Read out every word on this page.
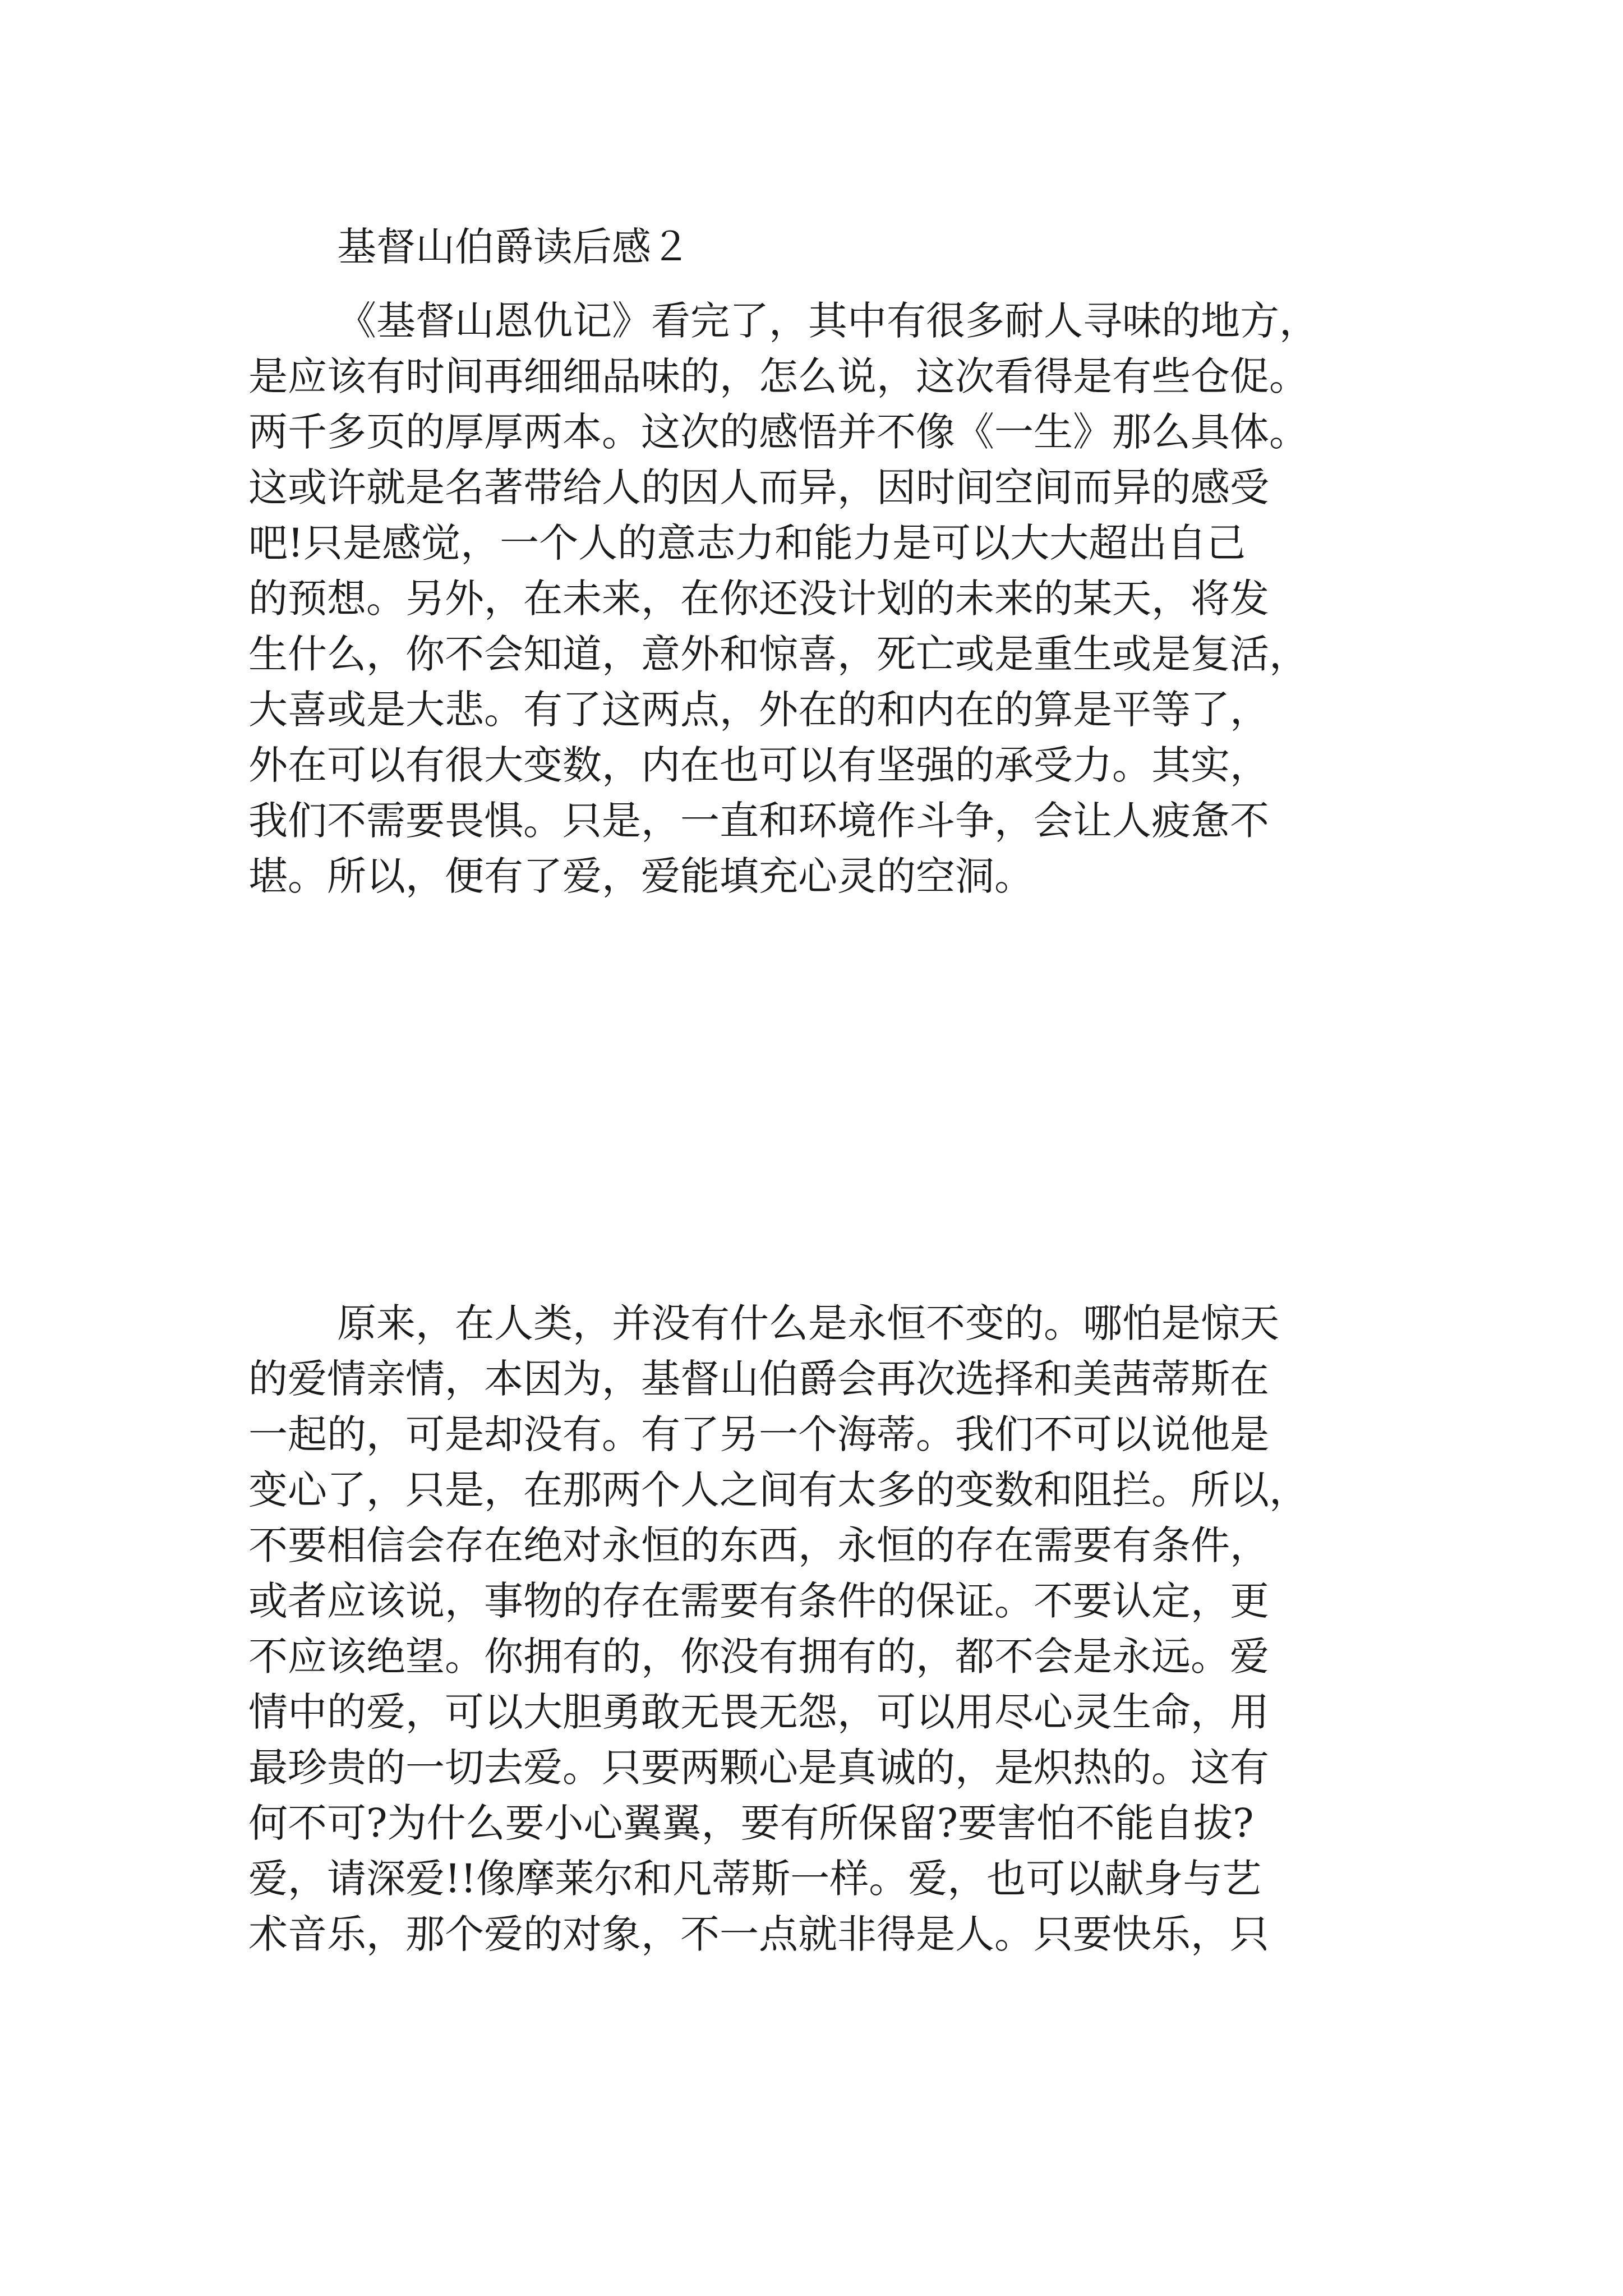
基督山伯爵读后感２

《基督山恩仇记》看完了，其中有很多耐人寻味的地方，
是应该有时间再细细品味的，怎么说，这次看得是有些仓促。
两千多页的厚厚两本。这次的感悟并不像《一生》那么具体。
这或许就是名著带给人的因人而异，因时间空间而异的感受
吧!只是感觉，一个人的意志力和能力是可以大大超出自己
的预想。另外，在未来，在你还没计划的未来的某天，将发
生什么，你不会知道，意外和惊喜，死亡或是重生或是复活，
大喜或是大悲。有了这两点，外在的和内在的算是平等了，
外在可以有很大变数，内在也可以有坚强的承受力。其实，
我们不需要畏惧。只是，一直和环境作斗争，会让人疲惫不
堪。所以，便有了爱，爱能填充心灵的空洞。

原来，在人类，并没有什么是永恒不变的。哪怕是惊天
的爱情亲情，本因为，基督山伯爵会再次选择和美茜蒂斯在
一起的，可是却没有。有了另一个海蒂。我们不可以说他是
变心了，只是，在那两个人之间有太多的变数和阻拦。所以，
不要相信会存在绝对永恒的东西，永恒的存在需要有条件，
或者应该说，事物的存在需要有条件的保证。不要认定，更
不应该绝望。你拥有的，你没有拥有的，都不会是永远。爱
情中的爱，可以大胆勇敢无畏无怨，可以用尽心灵生命，用
最珍贵的一切去爱。只要两颗心是真诚的，是炽热的。这有
何不可?为什么要小心翼翼，要有所保留?要害怕不能自拔?
爱，请深爱!!像摩莱尔和凡蒂斯一样。爱，也可以献身与艺
术音乐，那个爱的对象，不一点就非得是人。只要快乐，只
